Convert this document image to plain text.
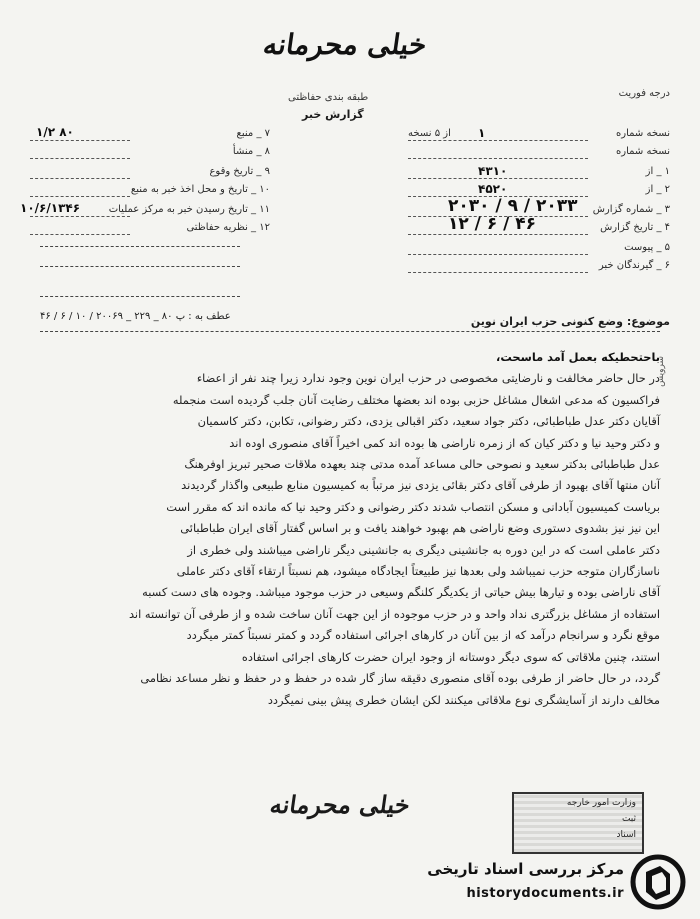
درجه فوریت
خیلی محرمانه
طبقه بندی حفاظتی
گزارش خبر
نسخه شماره
۱
از ۵ نسخه
نسخه شماره
۱ _ از
۴۳۱۰
۲ _ از
۴۵۲۰
۳ _ شماره گزارش
۲۰۳۳ / ۹ / ۲۰۳۰
۴ _ تاریخ گزارش
۴۶ / ۶ / ۱۲
۵ _ پیوست
۶ _ گیرندگان خبر
۷ _ منبع
۸۰ ۱/۲
۸ _ منشأ
۹ _ تاریخ وقوع
۱۰ _ تاریخ و محل اخذ خبر به منبع
۱۱ _ تاریخ رسیدن خبر به مرکز عملیات
۱۰/۶/۱۳۴۶
۱۲ _ نظریه حفاظتی
موضوع: وضع کنونی حزب ایران نوین
عطف به : پ ۸۰ _ ۲۲۹ _ ۲۰۰۶۹ / ۱۰ / ۶ / ۴۶

باحتحطیکه بعمل آمد ماسحت،

در حال حاضر مخالفت و نارضایتی مخصوصی در حزب ایران نوین وجود ندارد زیرا چند نفر از اعضاء

فراکسیون که مدعی اشغال مشاغل حزبی بوده اند بعضها مختلف رضایت آنان جلب گردیده است منجمله

آقایان دکتر عدل طباطبائی، دکتر جواد سعید، دکتر اقبالی یزدی، دکتر رضوانی، تکابن، دکتر کاسمیان

و دکتر وحید نیا و دکتر کیان که از زمره ناراضی ها بوده اند کمی اخیراً آقای منصوری اوده اند

عدل طباطبائی بدکتر سعید و نصوحی حالی مساعد آمده مدتی چند بعهده ملاقات صحیر تبریز اوفرهنگ

آنان منتها آقای بهبود از طرفی آقای دکتر بقائی یزدی نیز مرتباً به کمیسیون منابع طبیعی واگذار گردیدند

بریاست کمیسیون آبادانی و مسکن انتصاب شدند دکتر رضوانی و دکتر وحید نیا که مانده اند که مقرر است

این نیز نیز بشدوی دستوری وضع ناراضی هم بهبود خواهند یافت و بر اساس گفتار آقای ایران طباطبائی

دکتر عاملی است که در این دوره به جانشینی دیگری به جانشینی دیگر ناراضی میباشند ولی خطری از

ناسازگاران متوجه حزب نمیباشد ولی بعدها نیز طبیعتاً ایجادگاه میشود، هم نسبتاً ارتقاء آقای دکتر عاملی

آقای ناراضی بوده و تیارها بیش حیاتی از یکدیگر کلنگم وسیعی در حزب موجود میباشد. وجوده های دست کسبه

استفاده از مشاغل بزرگتری نداد واحد و در حزب موجوده از این جهت آنان ساخت شده و از طرفی آن توانسته اند

موقع نگرد و سرانجام درآمد که از بین آنان در کارهای اجرائی استفاده گردد و کمتر نسبتاً کمتر میگردد

استند، چنین ملاقاتی که سوی دیگر دوستانه از وجود ایران حضرت کارهای اجرائی استفاده

گردد، در حال حاضر از طرفی بوده آقای منصوری دقیقه ساز گار شده در حفظ و در حفظ و نظر مساعد نظامی

مخالف دارند از آسایشگری نوع ملاقاتی میکنند لکن ایشان خطری پیش بینی نمیگردد

سرویس
خیلی محرمانه	وزارت امور خارجه
ثبت
اسناد
مرکز بررسی اسناد تاریخی
historydocuments.ir
